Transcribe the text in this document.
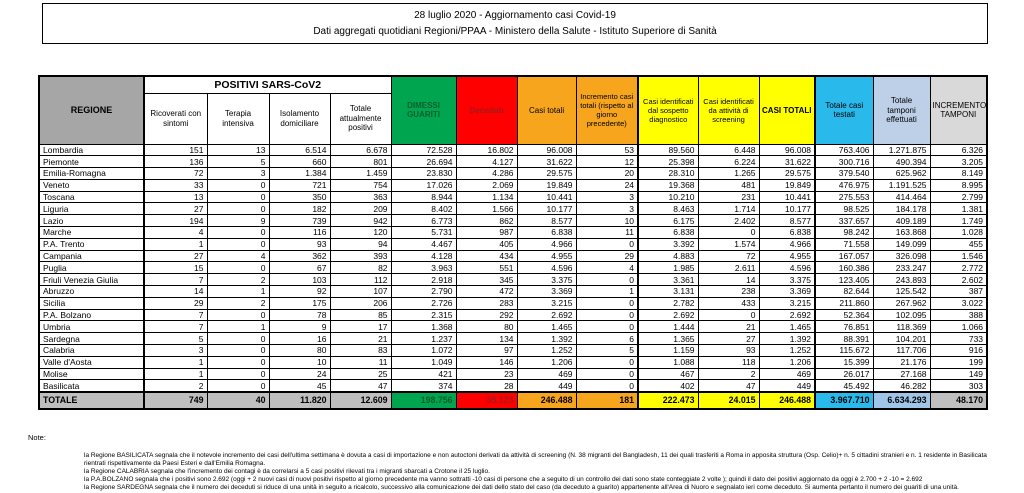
28 luglio 2020 - Aggiornamento casi Covid-19
Dati aggregati quotidiani Regioni/PPAA - Ministero della Salute - Istituto Superiore di Sanità
REGIONE	POSITIVI SARS-CoV2				DIMESSI GUARITI	Deceduti	Casi totali	Incremento casi totali (rispetto al giorno precedente)	Casi identificati dal sospetto diagnostico	Casi identificati da attività di screening	CASI TOTALI	Totale casi testati	Totale tamponi effettuati	INCREMENTO TAMPONI
	Ricoverati con sintomi	Terapia intensiva	Isolamento domiciliare	Totale attualmente positivi										
Lombardia	151	13	6.514	6.678	72.528	16.802	96.008	53	89.560	6.448	96.008	763.406	1.271.875	6.326
Piemonte	136	5	660	801	26.694	4.127	31.622	12	25.398	6.224	31.622	300.716	490.394	3.205
Emilia-Romagna	72	3	1.384	1.459	23.830	4.286	29.575	20	28.310	1.265	29.575	379.540	625.962	8.149
Veneto	33	0	721	754	17.026	2.069	19.849	24	19.368	481	19.849	476.975	1.191.525	8.995
Toscana	13	0	350	363	8.944	1.134	10.441	3	10.210	231	10.441	275.553	414.464	2.799
Liguria	27	0	182	209	8.402	1.566	10.177	3	8.463	1.714	10.177	98.525	184.178	1.381
Lazio	194	9	739	942	6.773	862	8.577	10	6.175	2.402	8.577	337.657	409.189	1.749
Marche	4	0	116	120	5.731	987	6.838	11	6.838	0	6.838	98.242	163.868	1.028
P.A. Trento	1	0	93	94	4.467	405	4.966	0	3.392	1.574	4.966	71.558	149.099	455
Campania	27	4	362	393	4.128	434	4.955	29	4.883	72	4.955	167.057	326.098	1.546
Puglia	15	0	67	82	3.963	551	4.596	4	1.985	2.611	4.596	160.386	233.247	2.772
Friuli Venezia Giulia	7	2	103	112	2.918	345	3.375	0	3.361	14	3.375	123.405	243.893	2.602
Abruzzo	14	1	92	107	2.790	472	3.369	1	3.131	238	3.369	82.644	125.542	387
Sicilia	29	2	175	206	2.726	283	3.215	0	2.782	433	3.215	211.860	267.962	3.022
P.A. Bolzano	7	0	78	85	2.315	292	2.692	0	2.692	0	2.692	52.364	102.095	388
Umbria	7	1	9	17	1.368	80	1.465	0	1.444	21	1.465	76.851	118.369	1.066
Sardegna	5	0	16	21	1.237	134	1.392	6	1.365	27	1.392	88.391	104.201	733
Calabria	3	0	80	83	1.072	97	1.252	5	1.159	93	1.252	115.672	117.706	916
Valle d'Aosta	1	0	10	11	1.049	146	1.206	0	1.088	118	1.206	15.399	21.176	199
Molise	1	0	24	25	421	23	469	0	467	2	469	26.017	27.168	149
Basilicata	2	0	45	47	374	28	449	0	402	47	449	45.492	46.282	303
TOTALE	749	40	11.820	12.609	198.756	35.123	246.488	181	222.473	24.015	246.488	3.967.710	6.634.293	48.170
Note:
la Regione BASILICATA segnala che il notevole incremento dei casi dell'ultima settimana è dovuta a casi di importazione e non autoctoni derivati da attività di screening (N. 38 migranti del Bangladesh, 11 dei quali trasferiti a Roma in apposita struttura (Osp. Celio)+ n. 5 cittadini stranieri e n. 1 residente in Basilicata rientrati rispettivamente da Paesi Esteri e dall'Emilia Romagna.
la Regione CALABRIA segnala che l'incremento dei contagi è da correlarsi a 5 casi positivi rilevati tra i migranti sbarcati a Crotone il 25 luglio.
la P.A.BOLZANO segnala che i positivi sono 2.692 (oggi + 2 nuovi casi di nuovi positivi rispetto al giorno precedente ma vanno sottratti -10 casi di persone che a seguito di un controllo dei dati sono state conteggiate 2 volte ); quindi il dato dei positivi aggiornato da oggi è 2.700 + 2 -10 = 2.692
la Regione SARDEGNA segnala che il numero dei deceduti si riduce di una unità in seguito a ricalcolo, successivo alla comunicazione dei dati dello stato del caso (da deceduto a guarito) appartenente all'Area di Nuoro e segnalato ieri come deceduto. Si aumenta pertanto il numero dei guariti di una unità.
